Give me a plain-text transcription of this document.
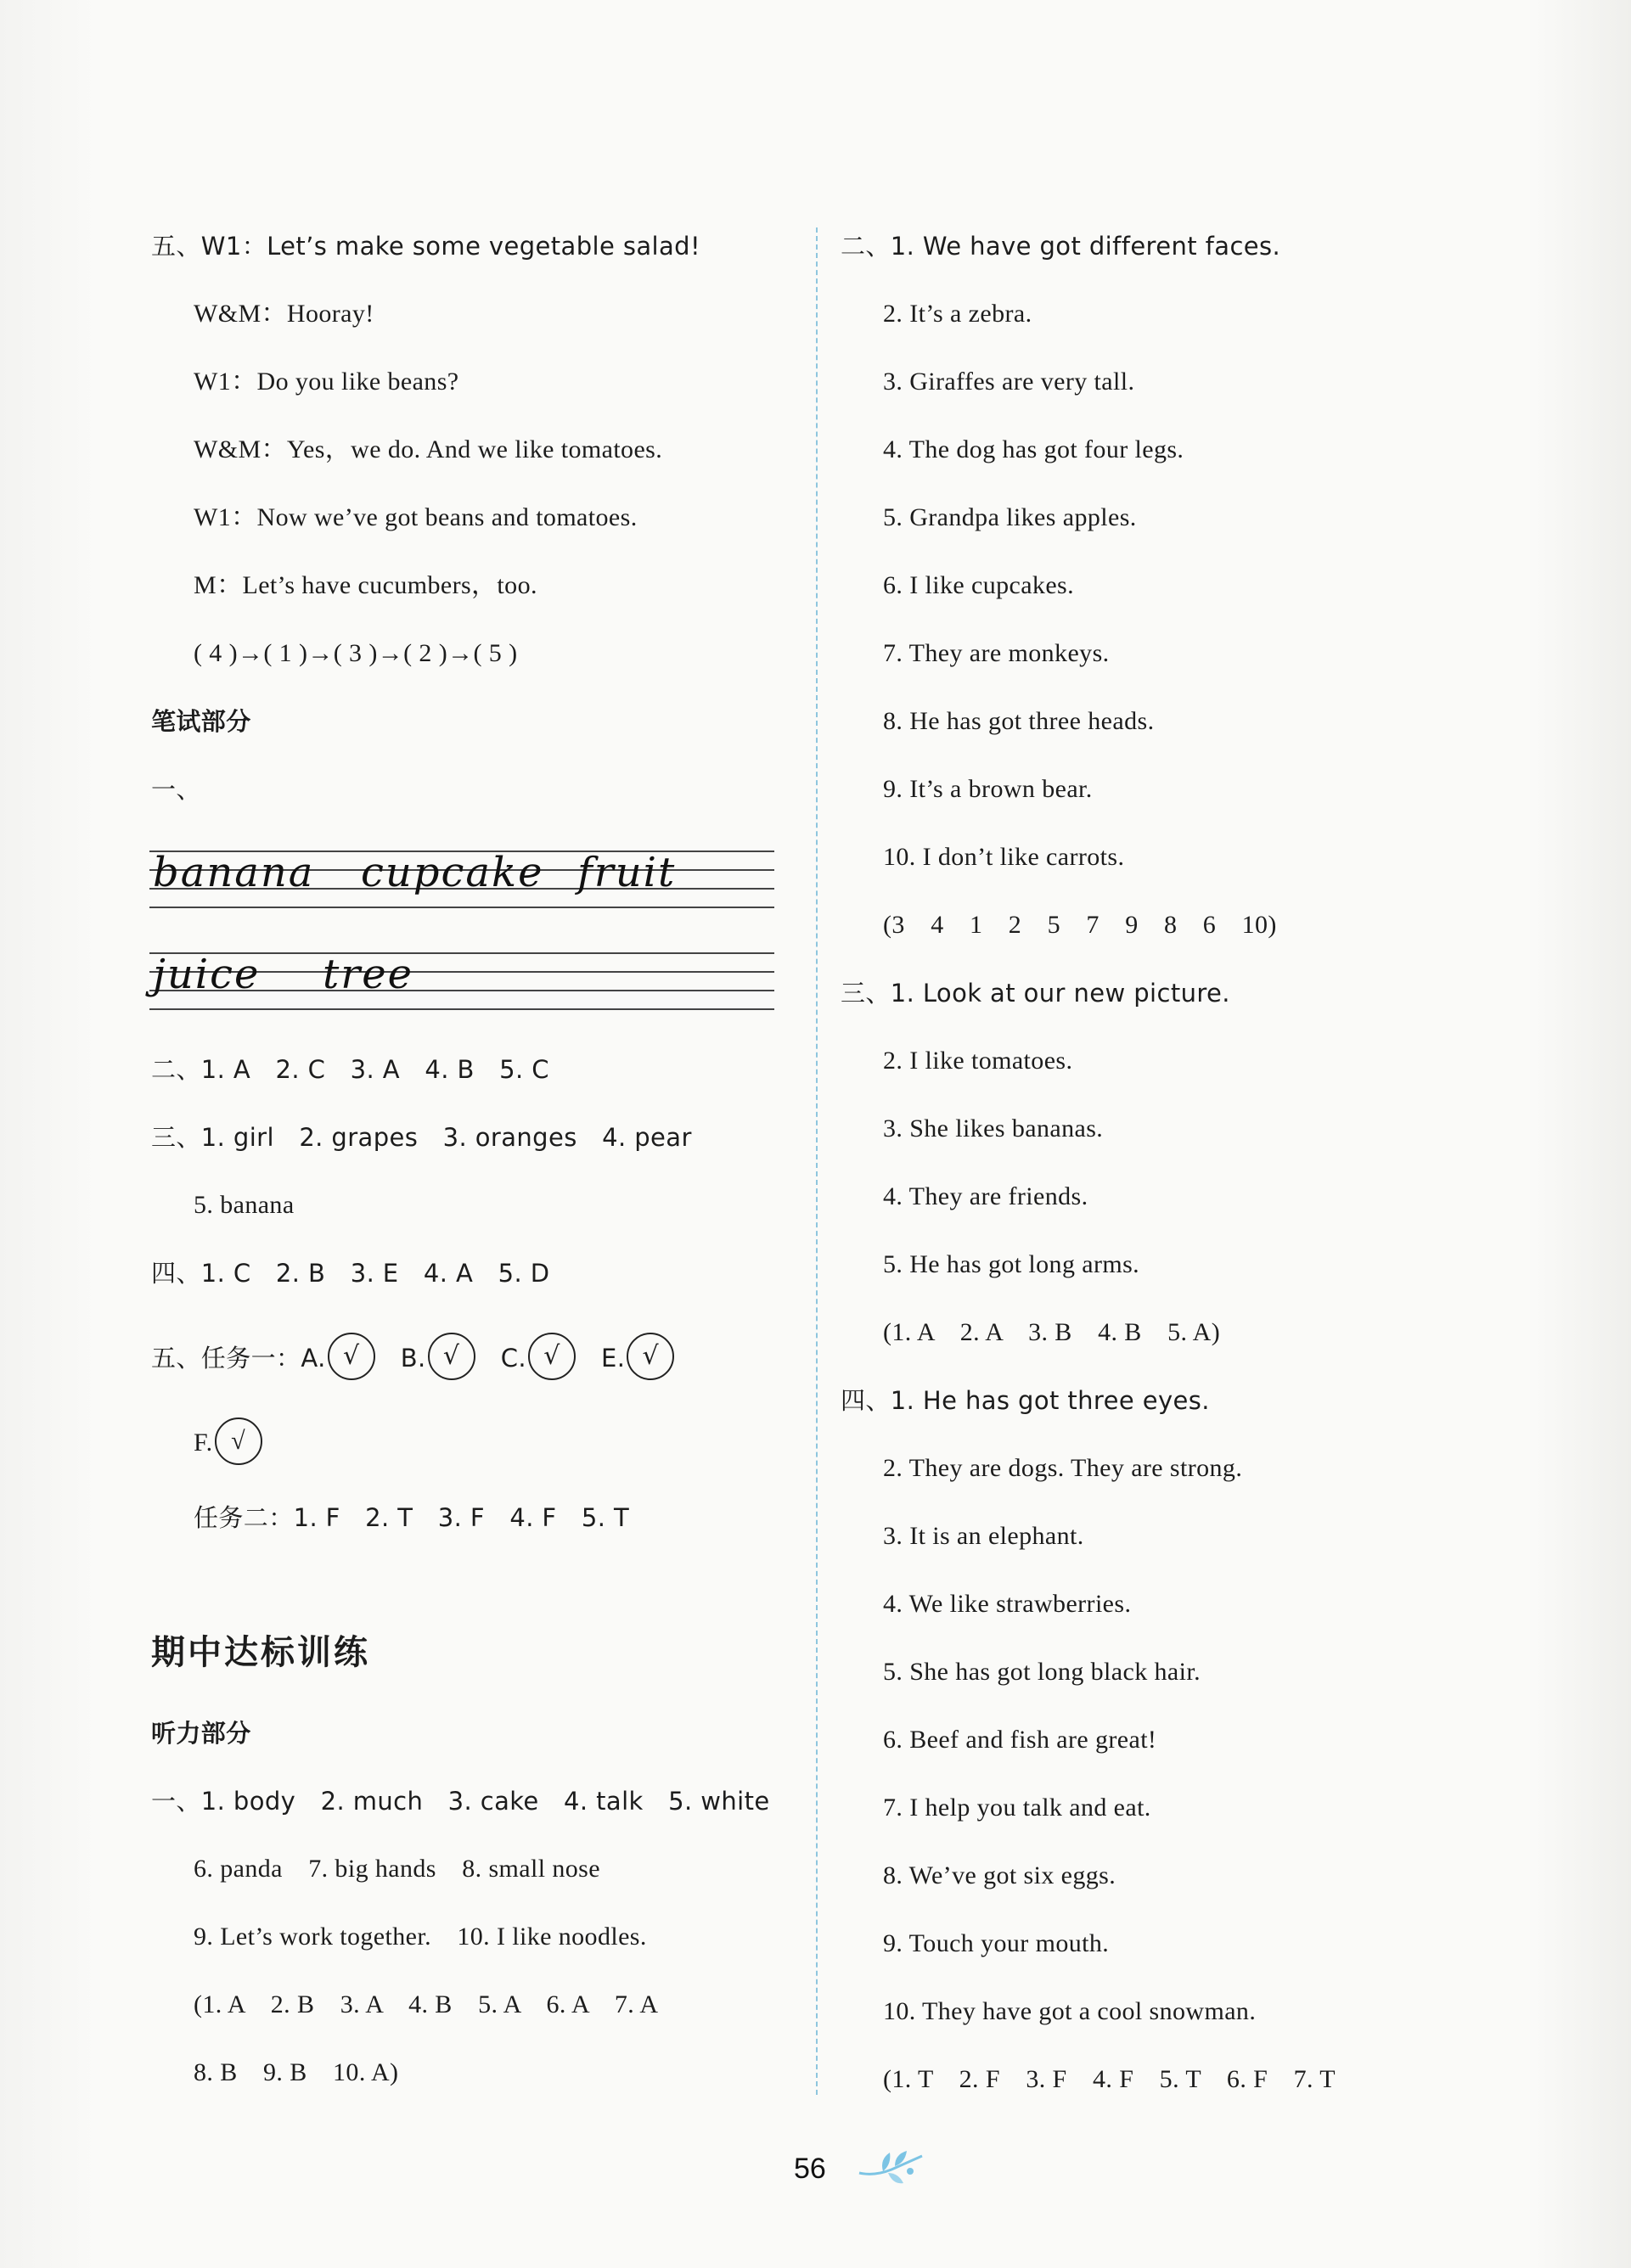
五、W1：Let’s make some vegetable salad!
W&M：Hooray!
W1：Do you like beans?
W&M：Yes，we do. And we like tomatoes.
W1：Now we’ve got beans and tomatoes.
M：Let’s have cucumbers，too.
( 4 )→( 1 )→( 3 )→( 2 )→( 5 )
笔试部分
一、
banana cupcake fruit
juice tree
二、1. A　2. C　3. A　4. B　5. C
三、1. girl　2. grapes　3. oranges　4. pear
5. banana
四、1. C　2. B　3. E　4. A　5. D
五、任务一：A. √ B. √ C. √ E. √
F. √
任务二：1. F　2. T　3. F　4. F　5. T
期中达标训练
听力部分
一、1. body　2. much　3. cake　4. talk　5. white
6. panda　7. big hands　8. small nose
9. Let’s work together.　10. I like noodles.
(1. A　2. B　3. A　4. B　5. A　6. A　7. A
8. B　9. B　10. A)
二、1. We have got different faces.
2. It’s a zebra.
3. Giraffes are very tall.
4. The dog has got four legs.
5. Grandpa likes apples.
6. I like cupcakes.
7. They are monkeys.
8. He has got three heads.
9. It’s a brown bear.
10. I don’t like carrots.
(3　4　1　2　5　7　9　8　6　10)
三、1. Look at our new picture.
2. I like tomatoes.
3. She likes bananas.
4. They are friends.
5. He has got long arms.
(1. A　2. A　3. B　4. B　5. A)
四、1. He has got three eyes.
2. They are dogs. They are strong.
3. It is an elephant.
4. We like strawberries.
5. She has got long black hair.
6. Beef and fish are great!
7. I help you talk and eat.
8. We’ve got six eggs.
9. Touch your mouth.
10. They have got a cool snowman.
(1. T　2. F　3. F　4. F　5. T　6. F　7. T
56
